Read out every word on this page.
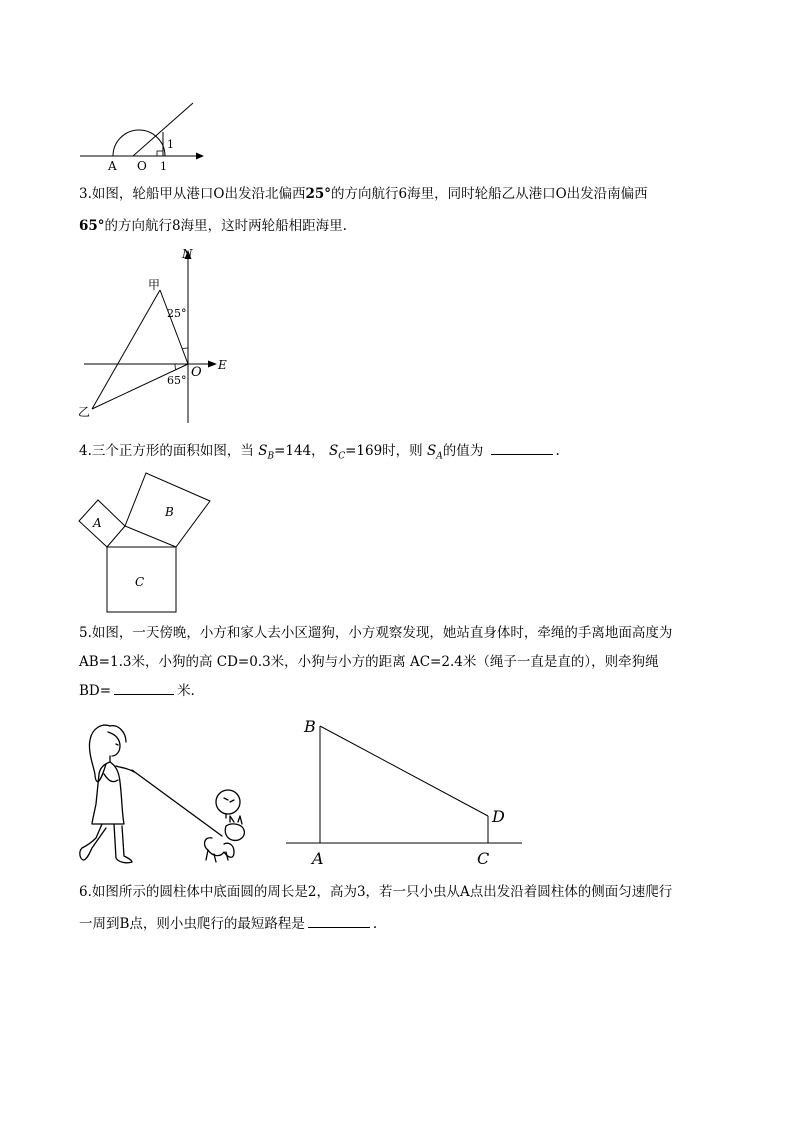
A O 1
1
3.如图，轮船甲从港口O出发沿北偏西25°的方向航行6海里，同时轮船乙从港口O出发沿南偏西
65°的方向航行8海里，这时两轮船相距海里.
N
E
O
甲
乙
25°
65°
4.三个正方形的面积如图，当 $S_B=144$， $S_C=169$时，则 $S_A$的值为	.
A
B
C
5.如图，一天傍晚，小方和家人去小区遛狗，小方观察发现，她站直身体时，牵绳的手离地面高度为
AB=1.3米，小狗的高 CD=0.3米，小狗与小方的距离 AC=2.4米（绳子一直是直的），则牵狗绳
BD=	米.
B
D
A	C
6.如图所示的圆柱体中底面圆的周长是2，高为3，若一只小虫从A点出发沿着圆柱体的侧面匀速爬行
一周到B点，则小虫爬行的最短路程是	.
